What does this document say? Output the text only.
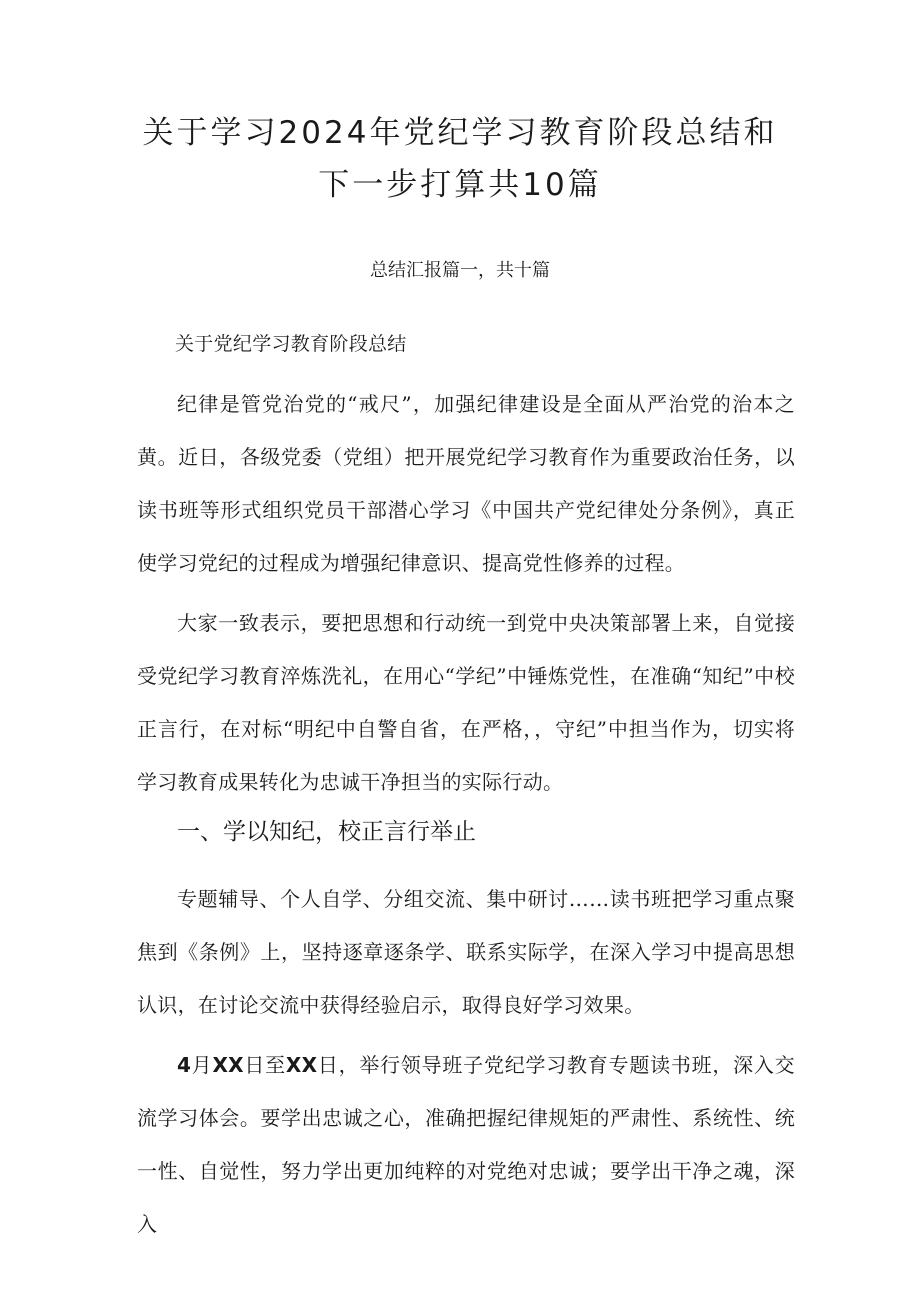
关于学习2024年党纪学习教育阶段总结和
下一步打算共10篇

总结汇报篇一，共十篇

关于党纪学习教育阶段总结

纪律是管党治党的“戒尺”，加强纪律建设是全面从严治党的治本之黄。近日，各级党委（党组）把开展党纪学习教育作为重要政治任务，以读书班等形式组织党员干部潜心学习《中国共产党纪律处分条例》，真正使学习党纪的过程成为增强纪律意识、提高党性修养的过程。

大家一致表示，要把思想和行动统一到党中央决策部署上来，自觉接受党纪学习教育淬炼洗礼，在用心“学纪”中锤炼党性，在准确“知纪”中校正言行，在对标“明纪中自警自省，在严格，，守纪”中担当作为，切实将学习教育成果转化为忠诚干净担当的实际行动。

一、学以知纪，校正言行举止

专题辅导、个人自学、分组交流、集中研讨……读书班把学习重点聚焦到《条例》上，坚持逐章逐条学、联系实际学，在深入学习中提高思想认识，在讨论交流中获得经验启示，取得良好学习效果。

4月XX日至XX日，举行领导班子党纪学习教育专题读书班，深入交流学习体会。要学出忠诚之心，准确把握纪律规矩的严肃性、系统性、统一性、自觉性，努力学出更加纯粹的对党绝对忠诚；要学出干净之魂，深入
